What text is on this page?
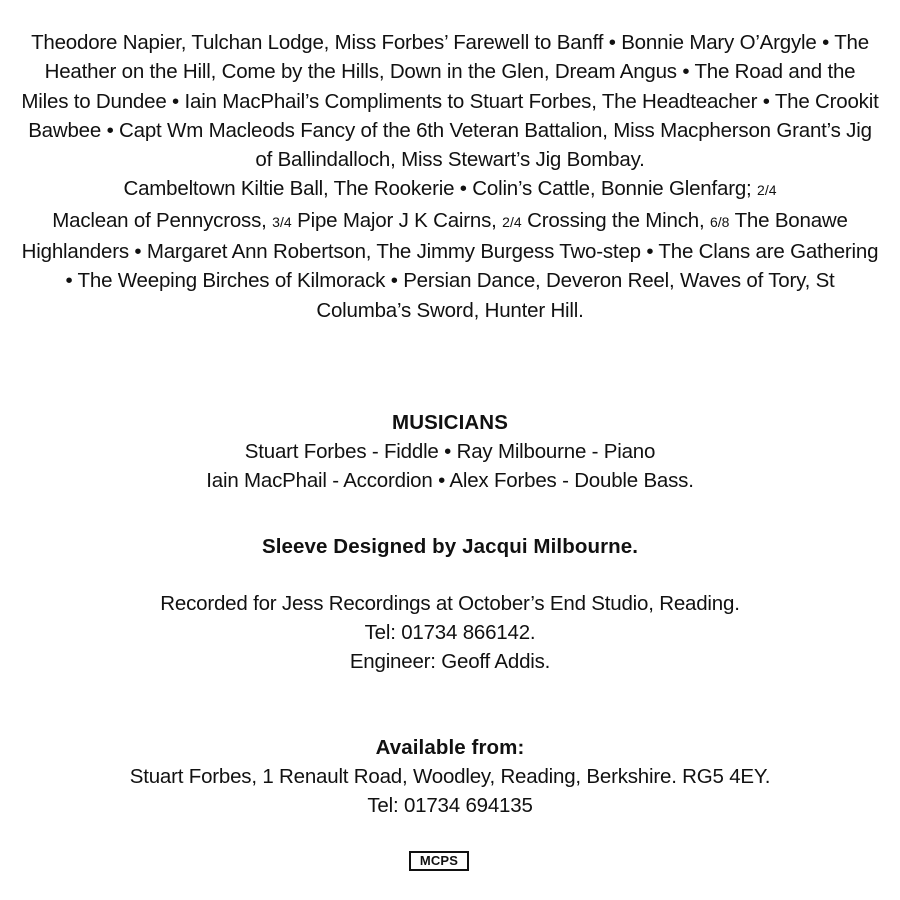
Theodore Napier, Tulchan Lodge, Miss Forbes’ Farewell to Banff • Bonnie Mary O’Argyle • The Heather on the Hill, Come by the Hills, Down in the Glen, Dream Angus • The Road and the Miles to Dundee • Iain MacPhail’s Compliments to Stuart Forbes, The Headteacher • The Crookit Bawbee • Capt Wm Macleods Fancy of the 6th Veteran Battalion, Miss Macpherson Grant’s Jig of Ballindalloch, Miss Stewart’s Jig Bombay.

Cambeltown Kiltie Ball, The Rookerie • Colin’s Cattle, Bonnie Glenfarg; 2/4
Maclean of Pennycross, 3/4 Pipe Major J K Cairns, 2/4 Crossing the Minch, 6/8 The Bonawe Highlanders • Margaret Ann Robertson, The Jimmy Burgess Two-step • The Clans are Gathering • The Weeping Birches of Kilmorack • Persian Dance, Deveron Reel, Waves of Tory, St Columba’s Sword, Hunter Hill.

MUSICIANS
Stuart Forbes - Fiddle • Ray Milbourne - Piano
Iain MacPhail - Accordion • Alex Forbes - Double Bass.
Sleeve Designed by Jacqui Milbourne.
Recorded for Jess Recordings at October’s End Studio, Reading.
Tel: 01734 866142.
Engineer: Geoff Addis.
Available from:
Stuart Forbes, 1 Renault Road, Woodley, Reading, Berkshire. RG5 4EY.
Tel: 01734 694135
MCPS
